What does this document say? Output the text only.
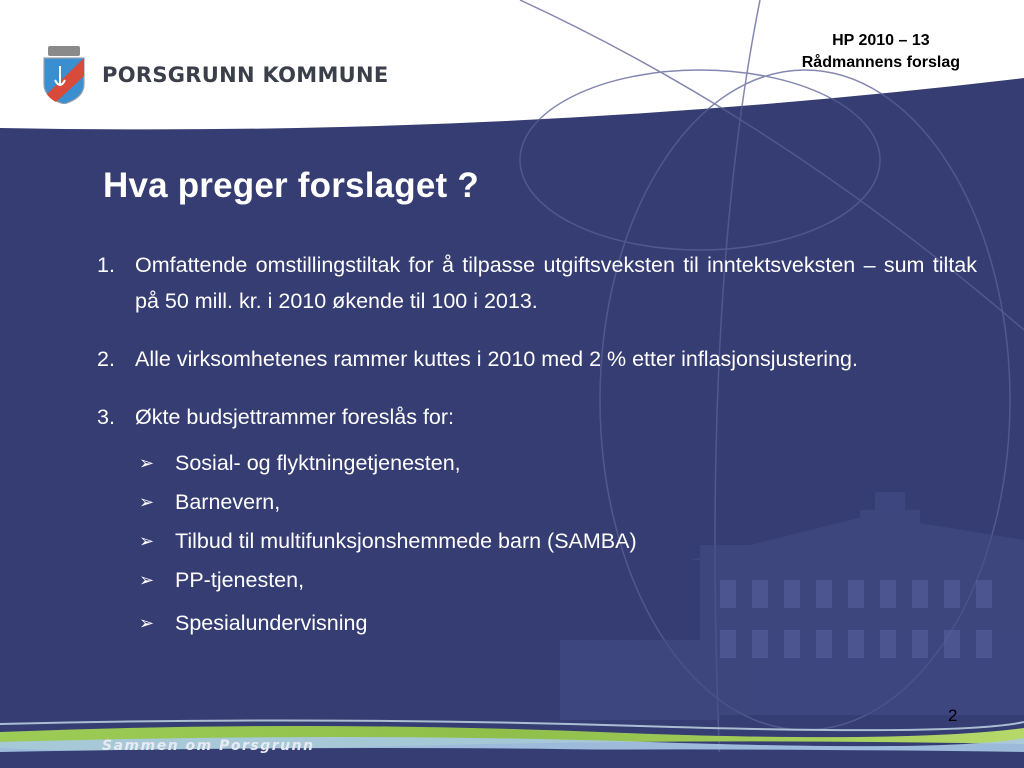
PORSGRUNN KOMMUNE
HP 2010 – 13
Rådmannens forslag
Hva preger forslaget ?
1. Omfattende omstillingstiltak for å tilpasse utgiftsveksten til inntektsveksten – sum tiltak på 50 mill. kr. i 2010 økende til 100 i 2013.
2. Alle virksomhetenes rammer kuttes i 2010 med 2 % etter inflasjonsjustering.
3. Økte budsjettrammer foreslås for:
➢ Sosial- og flyktningetjenesten,
➢ Barnevern,
➢ Tilbud til multifunksjonshemmede barn (SAMBA)
➢ PP-tjenesten,
➢ Spesialundervisning
2
Sammen om Porsgrunn
